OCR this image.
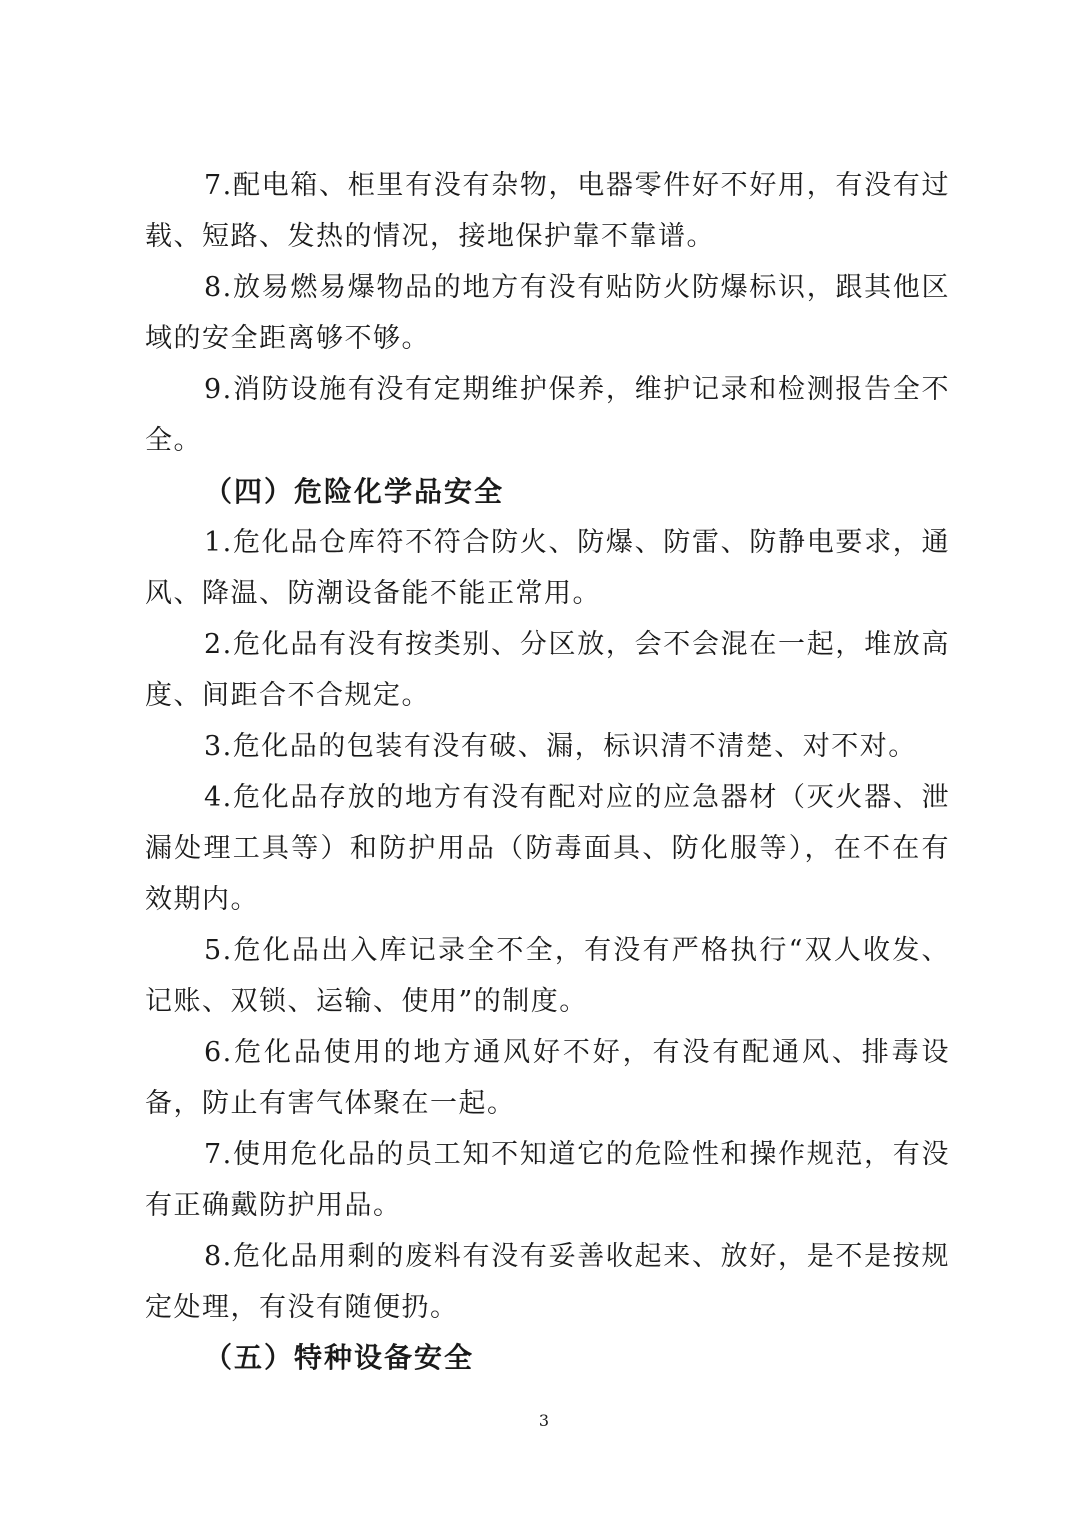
7.配电箱、柜里有没有杂物，电器零件好不好用，有没有过载、短路、发热的情况，接地保护靠不靠谱。

8.放易燃易爆物品的地方有没有贴防火防爆标识，跟其他区域的安全距离够不够。

9.消防设施有没有定期维护保养，维护记录和检测报告全不全。

（四）危险化学品安全

1.危化品仓库符不符合防火、防爆、防雷、防静电要求，通风、降温、防潮设备能不能正常用。

2.危化品有没有按类别、分区放，会不会混在一起，堆放高度、间距合不合规定。

3.危化品的包装有没有破、漏，标识清不清楚、对不对。

4.危化品存放的地方有没有配对应的应急器材（灭火器、泄漏处理工具等）和防护用品（防毒面具、防化服等），在不在有效期内。

5.危化品出入库记录全不全，有没有严格执行“双人收发、记账、双锁、运输、使用”的制度。

6.危化品使用的地方通风好不好，有没有配通风、排毒设备，防止有害气体聚在一起。

7.使用危化品的员工知不知道它的危险性和操作规范，有没有正确戴防护用品。

8.危化品用剩的废料有没有妥善收起来、放好，是不是按规定处理，有没有随便扔。

（五）特种设备安全
3
